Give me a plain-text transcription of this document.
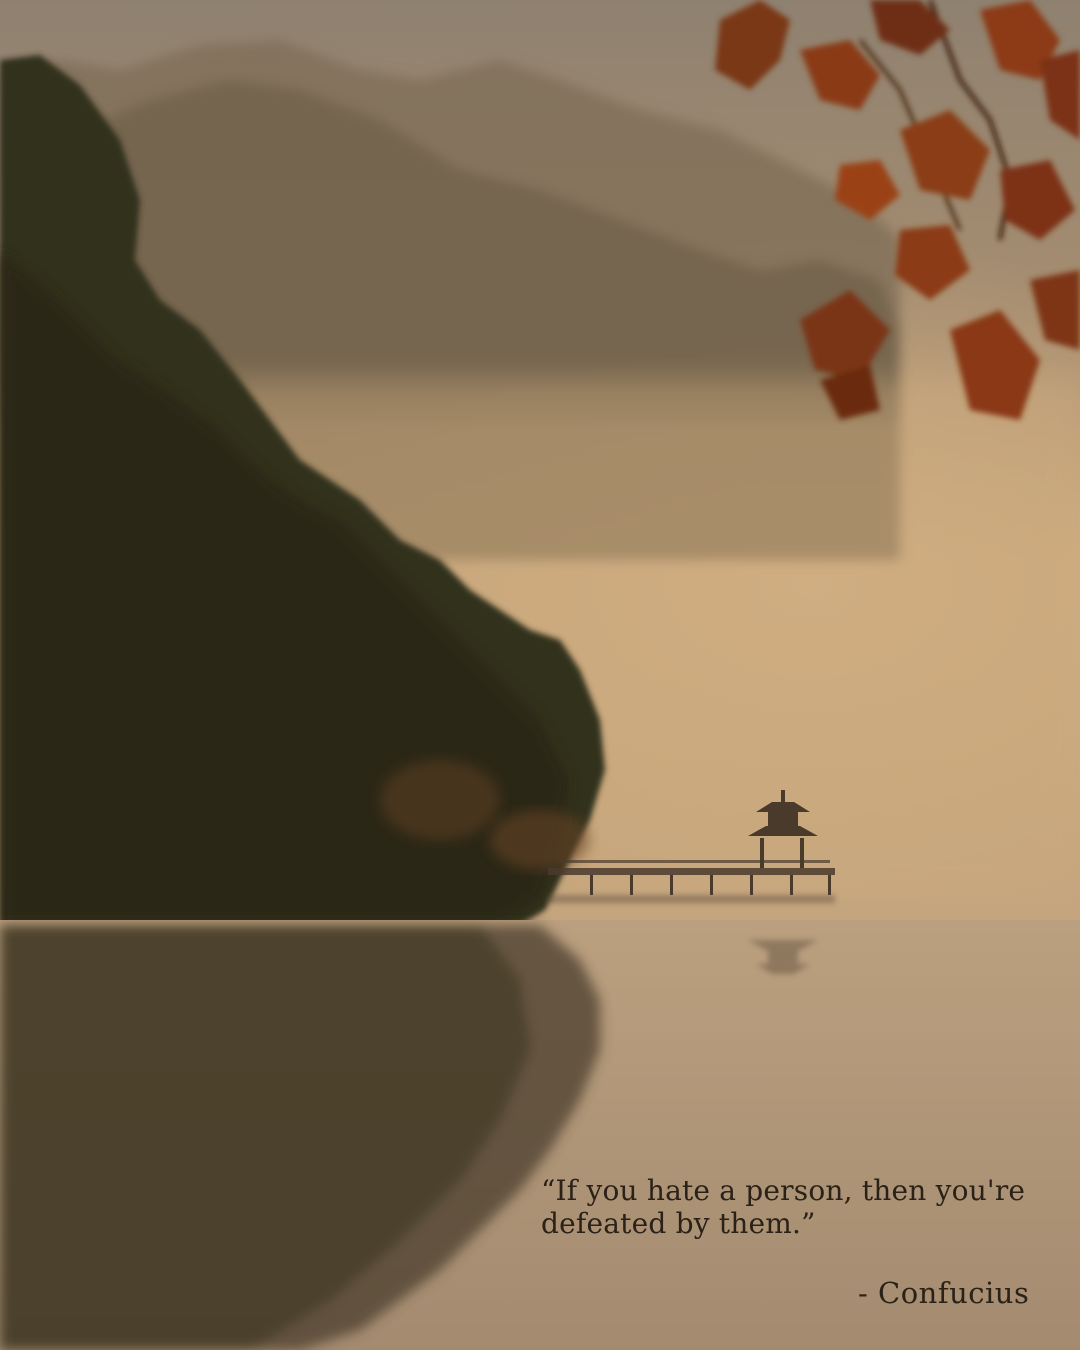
“If you hate a person, then you're
defeated by them.”

- Confucius
